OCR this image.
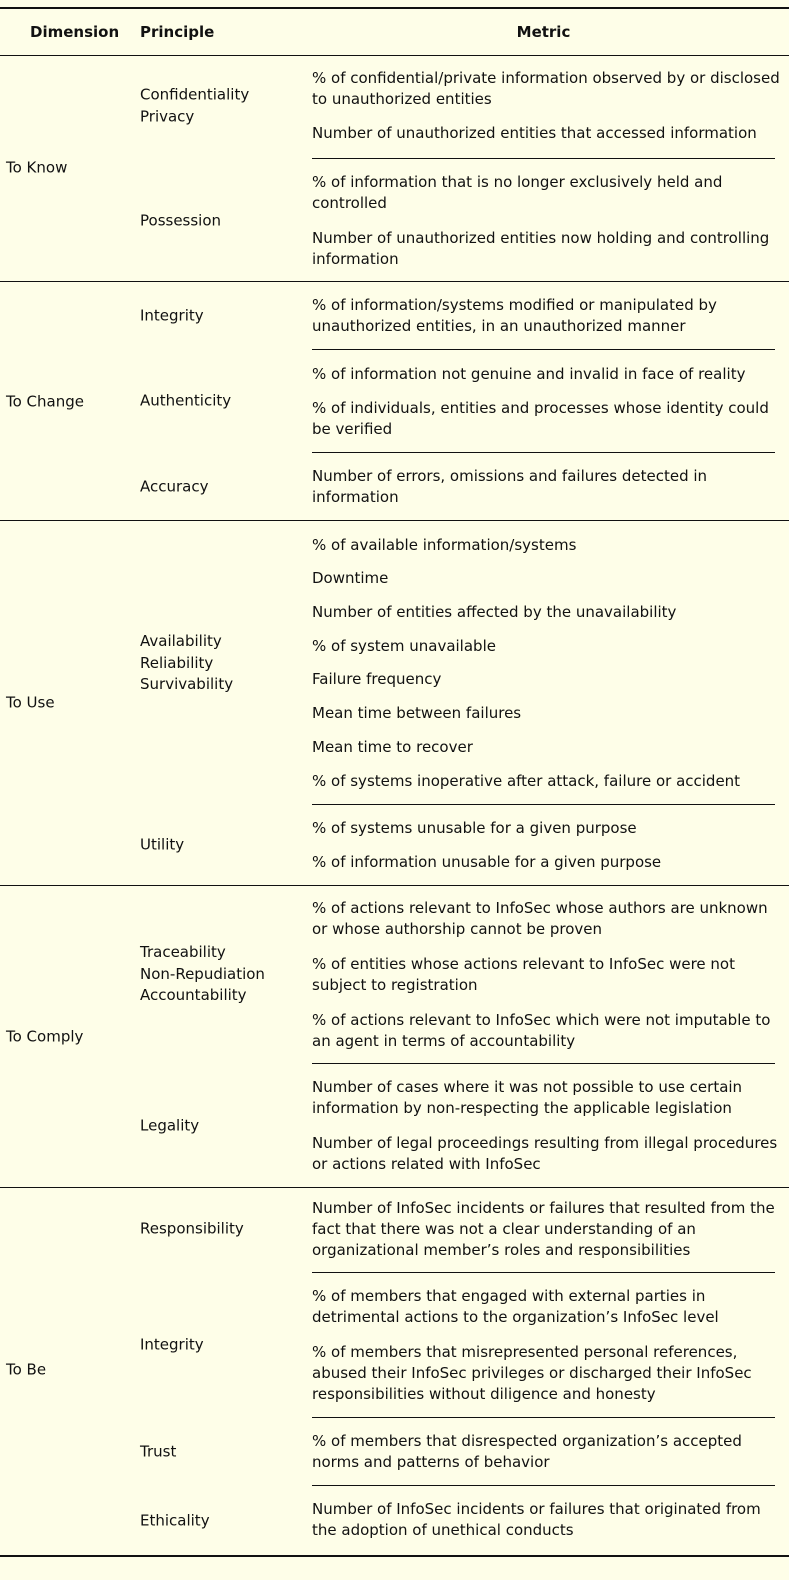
Dimension Principle	Metric
To Know
Confidentiality
Privacy
% of confidential/private information observed by or disclosed to unauthorized entities
Number of unauthorized entities that accessed information
Possession
% of information that is no longer exclusively held and controlled
Number of unauthorized entities now holding and controlling information
To Change
Integrity
% of information/systems modified or manipulated by unauthorized entities, in an unauthorized manner
Authenticity
% of information not genuine and invalid in face of reality
% of individuals, entities and processes whose identity could be verified
Accuracy
Number of errors, omissions and failures detected in information
To Use
Availability
Reliability
Survivability
% of available information/systems
Downtime
Number of entities affected by the unavailability
% of system unavailable
Failure frequency
Mean time between failures
Mean time to recover
% of systems inoperative after attack, failure or accident
Utility
% of systems unusable for a given purpose
% of information unusable for a given purpose
To Comply
Traceability
Non-Repudiation
Accountability
% of actions relevant to InfoSec whose authors are unknown or whose authorship cannot be proven
% of entities whose actions relevant to InfoSec were not subject to registration
% of actions relevant to InfoSec which were not imputable to an agent in terms of accountability
Legality
Number of cases where it was not possible to use certain information by non-respecting the applicable legislation
Number of legal proceedings resulting from illegal procedures or actions related with InfoSec
To Be
Responsibility
Number of InfoSec incidents or failures that resulted from the fact that there was not a clear understanding of an organizational member’s roles and responsibilities
Integrity
% of members that engaged with external parties in detrimental actions to the organization’s InfoSec level
% of members that misrepresented personal references, abused their InfoSec privileges or discharged their InfoSec responsibilities without diligence and honesty
Trust
% of members that disrespected organization’s accepted norms and patterns of behavior
Ethicality
Number of InfoSec incidents or failures that originated from the adoption of unethical conducts
